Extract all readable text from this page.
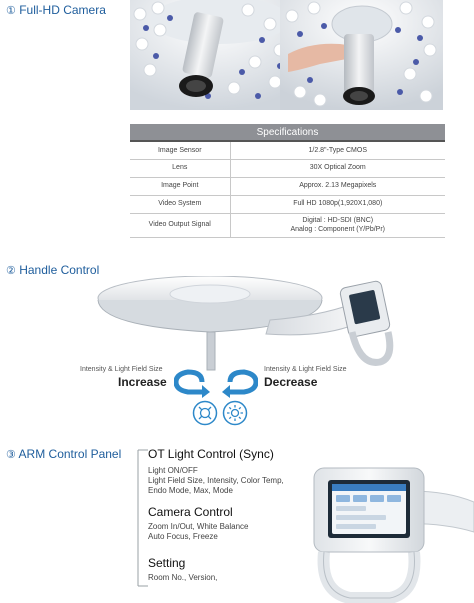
① Full-HD Camera
Specifications	
Image Sensor	1/2.8"-Type CMOS
Lens	30X Optical Zoom
Image Point	Approx. 2.13 Megapixels
Video System	Full HD 1080p(1,920X1,080)
Video Output Signal	Digital : HD-SDI (BNC)
Analog : Component (Y/Pb/Pr)
② Handle Control
Intensity & Light Field Size
Increase
Intensity & Light Field Size
Decrease
③ ARM Control Panel OT Light Control (Sync)
Light ON/OFF
Light Field Size, Intensity, Color Temp,
Endo Mode, Max, Mode
Camera Control
Zoom In/Out, White Balance
Auto Focus, Freeze
Setting
Room No., Version,
